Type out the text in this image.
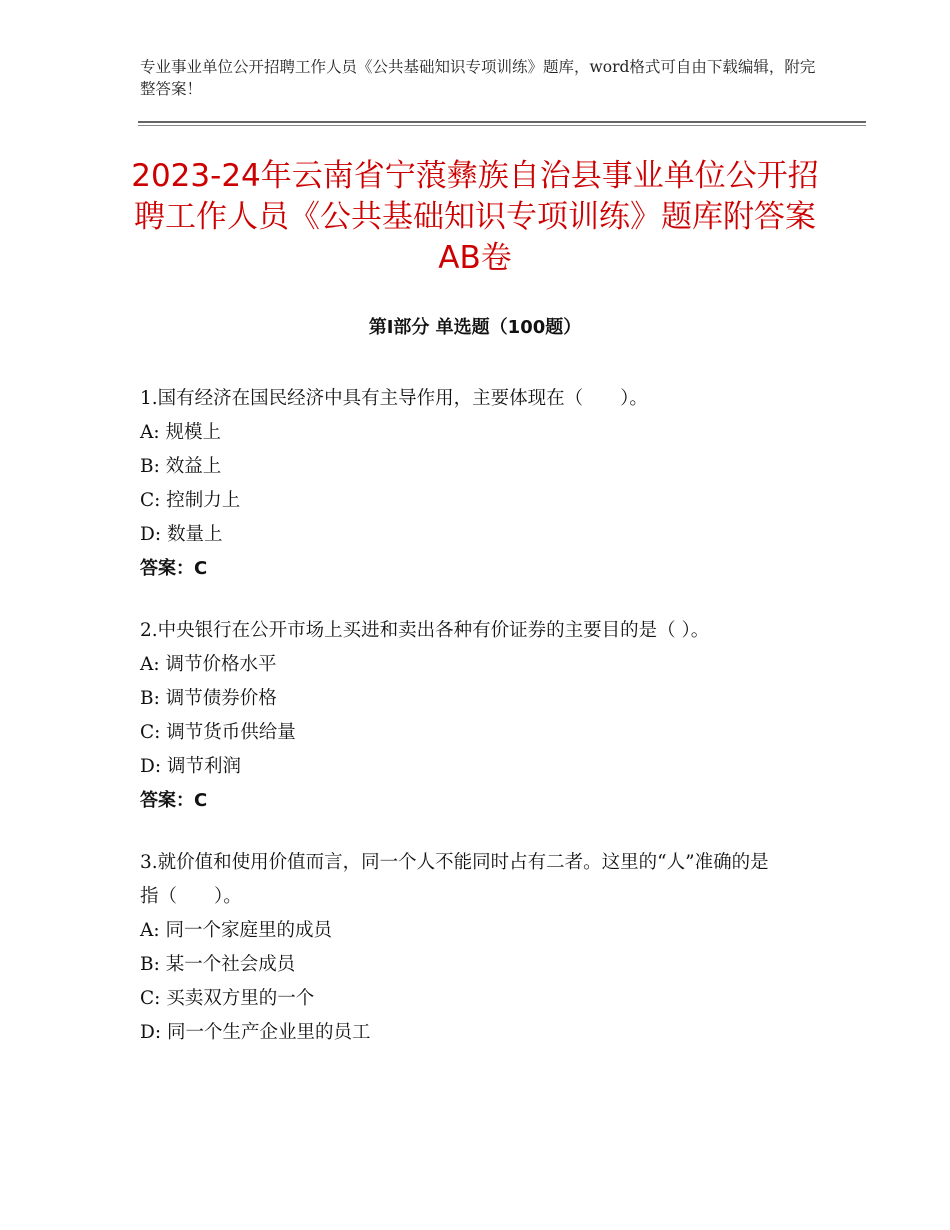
专业事业单位公开招聘工作人员《公共基础知识专项训练》题库，word格式可自由下载编辑，附完整答案！
2023-24年云南省宁蒗彝族自治县事业单位公开招聘工作人员《公共基础知识专项训练》题库附答案AB卷
第Ⅰ部分 单选题（100题）
1.国有经济在国民经济中具有主导作用，主要体现在（　　）。
A: 规模上
B: 效益上
C: 控制力上
D: 数量上
答案：C
2.中央银行在公开市场上买进和卖出各种有价证券的主要目的是（ ）。
A: 调节价格水平
B: 调节债券价格
C: 调节货币供给量
D: 调节利润
答案：C
3.就价值和使用价值而言，同一个人不能同时占有二者。这里的“人”准确的是指（　　）。
A: 同一个家庭里的成员
B: 某一个社会成员
C: 买卖双方里的一个
D: 同一个生产企业里的员工
